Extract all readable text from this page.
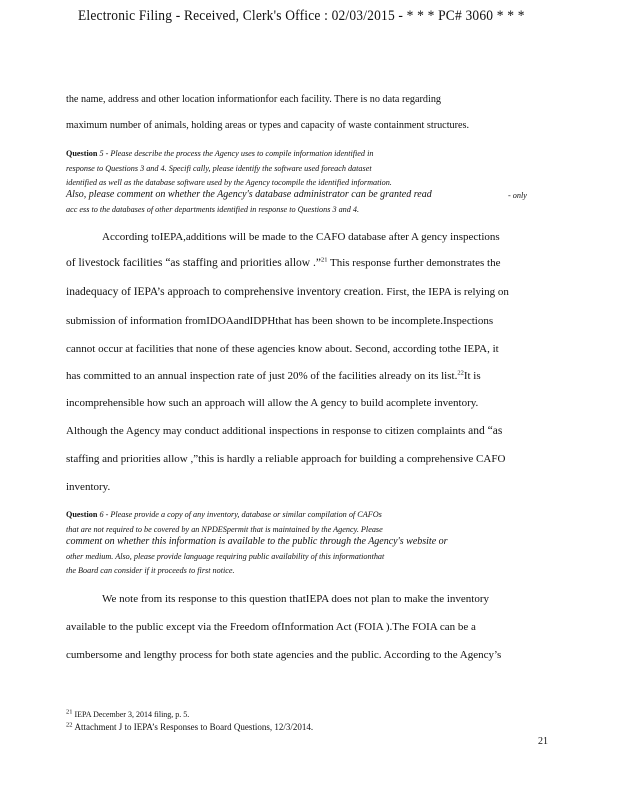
Electronic Filing - Received, Clerk's Office : 02/03/2015 - * * * PC# 3060 * * *
the name, address and other location informationfor each facility. There is no data regarding
maximum number of animals, holding areas or types and capacity of waste containment structures.
Question 5 - Please describe the process the Agency uses to compile information identified in
response to Questions 3 and 4. Specifi cally, please identify the software used foreach dataset
identified as well as the database software used by the Agency tocompile the identified information.
Also, please comment on whether the Agency's database administrator can be granted read	- only
acc ess to the databases of other departments identified in response to Questions 3 and 4.
According toIEPA,additions will be made to the CAFO database after A gency inspections
of livestock facilities “as staffing and priorities allow .”$^{21}$ This response further demonstrates the
inadequacy of IEPA’s approach to comprehensive inventory creation. First, the IEPA is relying on
submission of information fromIDOAandIDPHthat has been shown to be incomplete.Inspections
cannot occur at facilities that none of these agencies know about. Second, according tothe IEPA, it
has committed to an annual inspection rate of just 20% of the facilities already on its list.$^{22}$It is
incomprehensible how such an approach will allow the A gency to build acomplete inventory.
Although the Agency may conduct additional inspections in response to citizen complaints and “as
staffing and priorities allow ,”this is hardly a reliable approach for building a comprehensive CAFO
inventory.
Question 6 - Please provide a copy of any inventory, database or similar compilation of CAFOs
that are not required to be covered by an NPDESpermit that is maintained by the Agency. Please
comment on whether this information is available to the public through the Agency's website or
other medium. Also, please provide language requiring public availability of this informationthat
the Board can consider if it proceeds to first notice.
We note from its response to this question thatIEPA does not plan to make the inventory
available to the public except via the Freedom ofInformation Act (FOIA ).The FOIA can be a
cumbersome and lengthy process for both state agencies and the public. According to the Agency’s
$^{21}$ IEPA December 3, 2014 filing, p. 5.
$^{22}$ Attachment J to IEPA’s Responses to Board Questions, 12/3/2014.
21
